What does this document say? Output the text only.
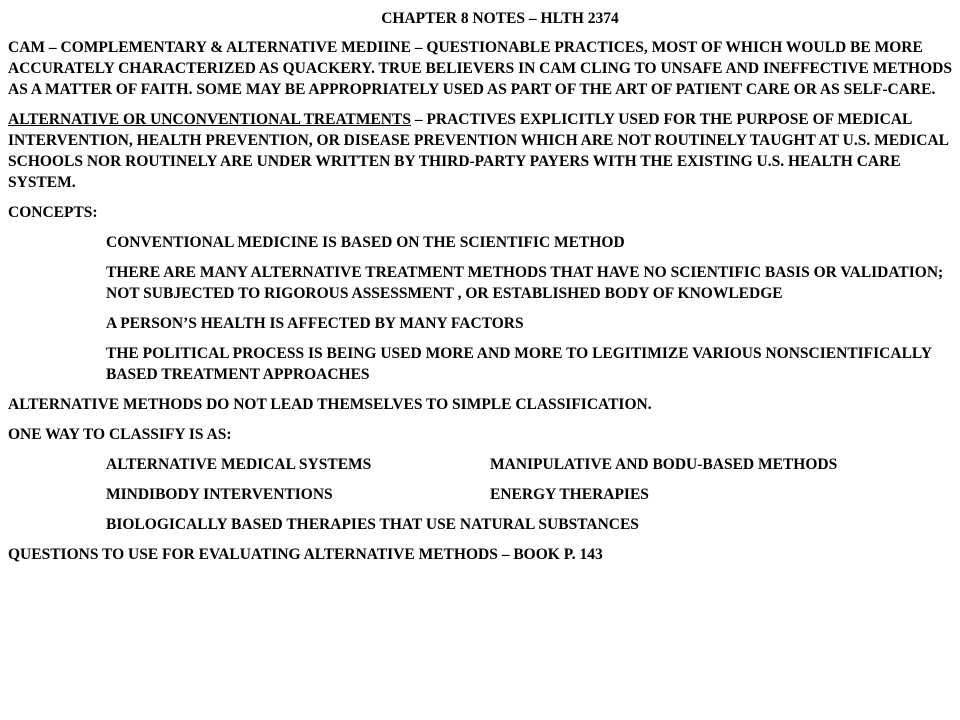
CHAPTER 8 NOTES – HLTH 2374
CAM – COMPLEMENTARY & ALTERNATIVE MEDIINE – QUESTIONABLE PRACTICES, MOST OF WHICH WOULD BE MORE ACCURATELY CHARACTERIZED AS QUACKERY. TRUE BELIEVERS IN CAM CLING TO UNSAFE AND INEFFECTIVE METHODS AS A MATTER OF FAITH. SOME MAY BE APPROPRIATELY USED AS PART OF THE ART OF PATIENT CARE OR AS SELF-CARE.
ALTERNATIVE OR UNCONVENTIONAL TREATMENTS – PRACTIVES EXPLICITLY USED FOR THE PURPOSE OF MEDICAL INTERVENTION, HEALTH PREVENTION, OR DISEASE PREVENTION WHICH ARE NOT ROUTINELY TAUGHT AT U.S. MEDICAL SCHOOLS NOR ROUTINELY ARE UNDER WRITTEN BY THIRD-PARTY PAYERS WITH THE EXISTING U.S. HEALTH CARE SYSTEM.
CONCEPTS:
CONVENTIONAL MEDICINE IS BASED ON THE SCIENTIFIC METHOD
THERE ARE MANY ALTERNATIVE TREATMENT METHODS THAT HAVE NO SCIENTIFIC BASIS OR VALIDATION; NOT SUBJECTED TO RIGOROUS ASSESSMENT , OR ESTABLISHED BODY OF KNOWLEDGE
A PERSON’S HEALTH IS AFFECTED BY MANY FACTORS
THE POLITICAL PROCESS IS BEING USED MORE AND MORE TO LEGITIMIZE VARIOUS NONSCIENTIFICALLY BASED TREATMENT APPROACHES
ALTERNATIVE METHODS DO NOT LEAD THEMSELVES TO SIMPLE CLASSIFICATION.
ONE WAY TO CLASSIFY IS AS:
ALTERNATIVE MEDICAL SYSTEMS	MANIPULATIVE AND BODU-BASED METHODS
MINDIBODY INTERVENTIONS	ENERGY THERAPIES
BIOLOGICALLY BASED THERAPIES THAT USE NATURAL SUBSTANCES
QUESTIONS TO USE FOR EVALUATING ALTERNATIVE METHODS – BOOK P. 143
